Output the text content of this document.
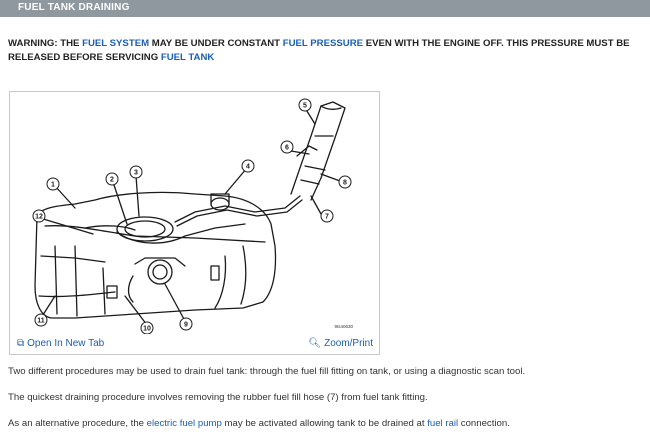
FUEL TANK DRAINING
WARNING: THE FUEL SYSTEM MAY BE UNDER CONSTANT FUEL PRESSURE EVEN WITH THE ENGINE OFF. THIS PRESSURE MUST BE RELEASED BEFORE SERVICING FUEL TANK
1
2
3
4
5
6
7
8
9
10
11
12
9ts40630
⧉ Open In New Tab	🔍︎ Zoom/Print
Two different procedures may be used to drain fuel tank: through the fuel fill fitting on tank, or using a diagnostic scan tool.
The quickest draining procedure involves removing the rubber fuel fill hose (7) from fuel tank fitting.
As an alternative procedure, the electric fuel pump may be activated allowing tank to be drained at fuel rail connection.
